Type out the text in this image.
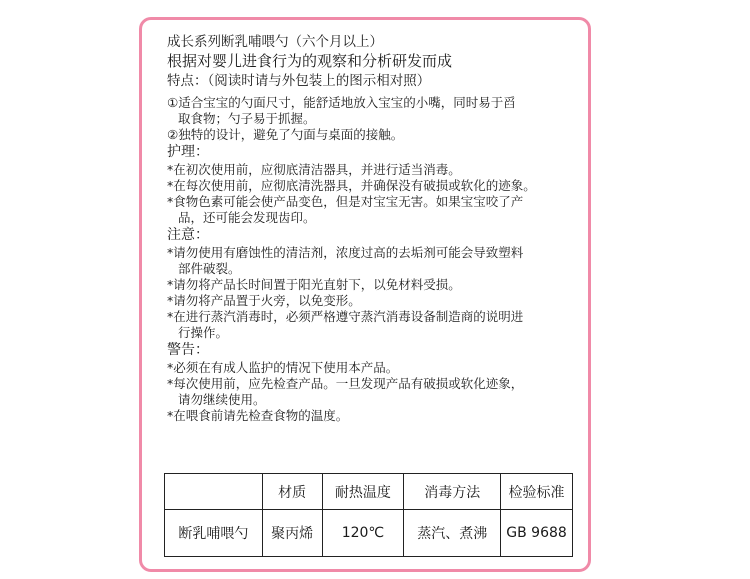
成长系列断乳哺喂勺（六个月以上）
根据对婴儿进食行为的观察和分析研发而成
特点：（阅读时请与外包装上的图示相对照）
①适合宝宝的勺面尺寸，能舒适地放入宝宝的小嘴，同时易于舀
取食物；勺子易于抓握。
②独特的设计，避免了勺面与桌面的接触。
护理：
*在初次使用前，应彻底清洁器具，并进行适当消毒。
*在每次使用前，应彻底清洗器具，并确保没有破损或软化的迹象。
*食物色素可能会使产品变色，但是对宝宝无害。如果宝宝咬了产
品，还可能会发现齿印。
注意：
*请勿使用有磨蚀性的清洁剂，浓度过高的去垢剂可能会导致塑料
部件破裂。
*请勿将产品长时间置于阳光直射下，以免材料受损。
*请勿将产品置于火旁，以免变形。
*在进行蒸汽消毒时，必须严格遵守蒸汽消毒设备制造商的说明进
行操作。
警告：
*必须在有成人监护的情况下使用本产品。
*每次使用前，应先检查产品。一旦发现产品有破损或软化迹象，
请勿继续使用。
*在喂食前请先检查食物的温度。
	材质	耐热温度	消毒方法	检验标准
断乳哺喂勺	聚丙烯	120℃	蒸汽、煮沸	GB 9688
